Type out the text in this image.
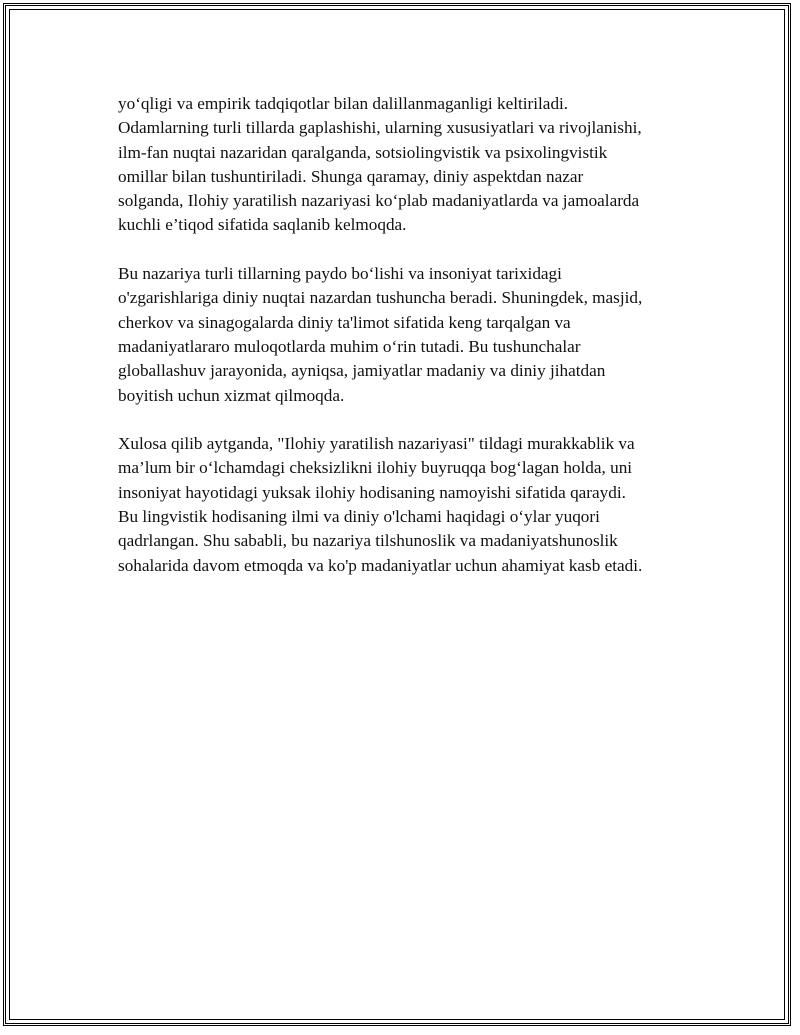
yo‘qligi va empirik tadqiqotlar bilan dalillanmaganligi keltiriladi.
Odamlarning turli tillarda gaplashishi, ularning xususiyatlari va rivojlanishi,
ilm-fan nuqtai nazaridan qaralganda, sotsiolingvistik va psixolingvistik
omillar bilan tushuntiriladi. Shunga qaramay, diniy aspektdan nazar
solganda, Ilohiy yaratilish nazariyasi ko‘plab madaniyatlarda va jamoalarda
kuchli e’tiqod sifatida saqlanib kelmoqda.

Bu nazariya turli tillarning paydo bo‘lishi va insoniyat tarixidagi
o'zgarishlariga diniy nuqtai nazardan tushuncha beradi. Shuningdek, masjid,
cherkov va sinagogalarda diniy ta'limot sifatida keng tarqalgan va
madaniyatlararo muloqotlarda muhim o‘rin tutadi. Bu tushunchalar
globallashuv jarayonida, ayniqsa, jamiyatlar madaniy va diniy jihatdan
boyitish uchun xizmat qilmoqda.

Xulosa qilib aytganda, "Ilohiy yaratilish nazariyasi" tildagi murakkablik va
ma’lum bir o‘lchamdagi cheksizlikni ilohiy buyruqqa bog‘lagan holda, uni
insoniyat hayotidagi yuksak ilohiy hodisaning namoyishi sifatida qaraydi.
Bu lingvistik hodisaning ilmi va diniy o'lchami haqidagi o‘ylar yuqori
qadrlangan. Shu sababli, bu nazariya tilshunoslik va madaniyatshunoslik
sohalarida davom etmoqda va ko'p madaniyatlar uchun ahamiyat kasb etadi.
